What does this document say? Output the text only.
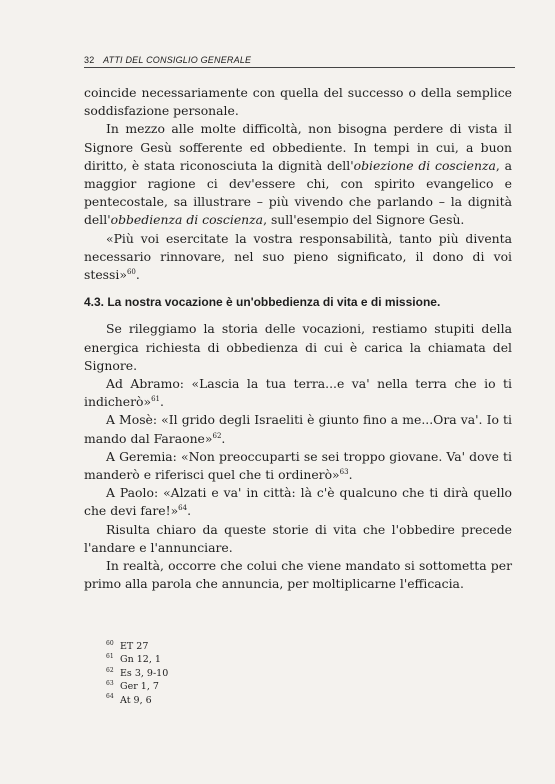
32 ATTI DEL CONSIGLIO GENERALE

coincide necessariamente con quella del successo o della semplice soddisfazione personale.

In mezzo alle molte difficoltà, non bisogna perdere di vista il Signore Gesù sofferente ed obbediente. In tempi in cui, a buon diritto, è stata riconosciuta la dignità dell'obiezione di coscienza, a maggior ragione ci dev'essere chi, con spirito evangelico e pentecostale, sa illustrare – più vivendo che parlando – la dignità dell'obbedienza di coscienza, sull'esempio del Signore Gesù.

«Più voi esercitate la vostra responsabilità, tanto più diventa necessario rinnovare, nel suo pieno significato, il dono di voi stessi»$^{60}$.

4.3. La nostra vocazione è un'obbedienza di vita e di missione.

Se rileggiamo la storia delle vocazioni, restiamo stupiti della energica richiesta di obbedienza di cui è carica la chiamata del Signore.

Ad Abramo: «Lascia la tua terra...e va' nella terra che io ti indicherò»$^{61}$.

A Mosè: «Il grido degli Israeliti è giunto fino a me...Ora va'. Io ti mando dal Faraone»$^{62}$.

A Geremia: «Non preoccuparti se sei troppo giovane. Va' dove ti manderò e riferisci quel che ti ordinerò»$^{63}$.

A Paolo: «Alzati e va' in città: là c'è qualcuno che ti dirà quello che devi fare!»$^{64}$.

Risulta chiaro da queste storie di vita che l'obbedire precede l'andare e l'annunciare.

In realtà, occorre che colui che viene mandato si sottometta per primo alla parola che annuncia, per moltiplicarne l'efficacia.

60 ET 27
61 Gn 12, 1
62 Es 3, 9-10
63 Ger 1, 7
64 At 9, 6
